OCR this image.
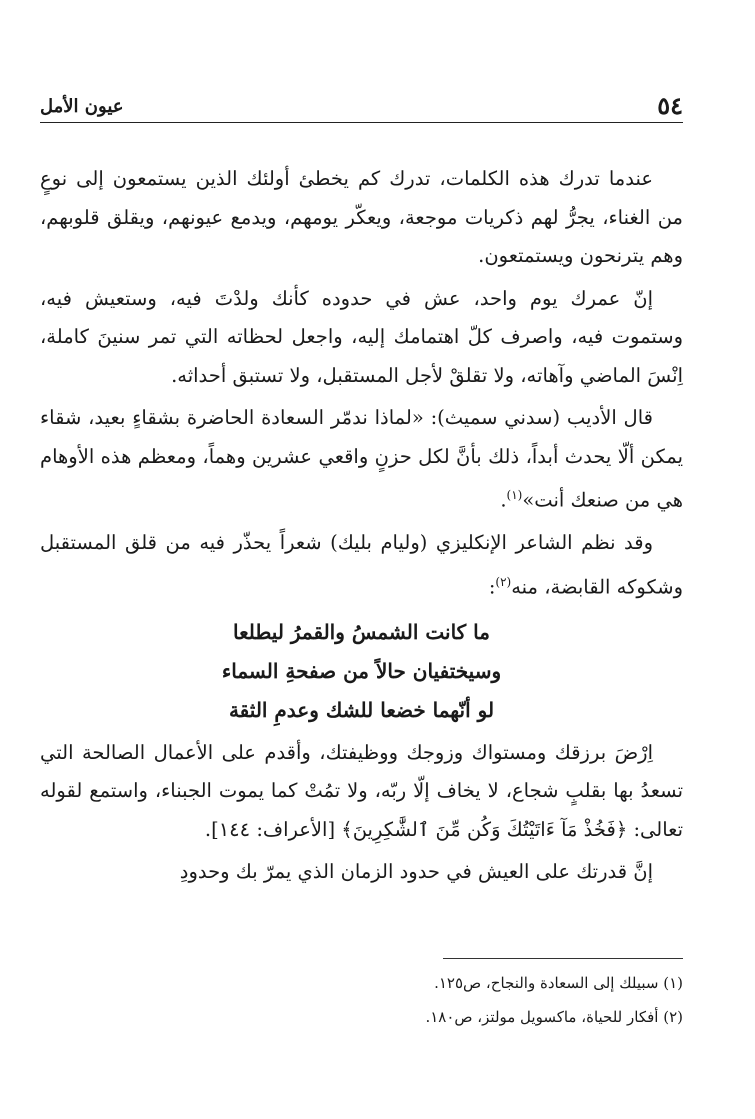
٥٤
عيون الأمل

عندما تدرك هذه الكلمات، تدرك كم يخطئ أولئك الذين يستمعون إلى نوعٍ من الغناء، يجرُّ لهم ذكريات موجعة، ويعكّر يومهم، ويدمع عيونهم، ويقلق قلوبهم، وهم يترنحون ويستمتعون.

إنّ عمرك يوم واحد، عش في حدوده كأنك ولدْتَ فيه، وستعيش فيه، وستموت فيه، واصرف كلّ اهتمامك إليه، واجعل لحظاته التي تمر سنينَ كاملة، اِنْسَ الماضي وآهاته، ولا تقلقْ لأجل المستقبل، ولا تستبق أحداثه.

قال الأديب (سدني سميث): «لماذا ندمّر السعادة الحاضرة بشقاءٍ بعيد، شقاء يمكن ألّا يحدث أبداً، ذلك بأنَّ لكل حزنٍ واقعي عشرين وهماً، ومعظم هذه الأوهام هي من صنعك أنت»$^{(١)}$.

وقد نظم الشاعر الإنكليزي (وليام بليك) شعراً يحذّر فيه من قلق المستقبل وشكوكه القابضة، منه$^{(٢)}$:

ما كانت الشمسُ والقمرُ ليطلعا
وسيختفيان حالاً من صفحةِ السماء
لو أنّهما خضعا للشك وعدمِ الثقة

اِرْضَ برزقك ومستواك وزوجك ووظيفتك، وأقدم على الأعمال الصالحة التي تسعدُ بها بقلبٍ شجاع، لا يخاف إلّا ربّه، ولا تمُتْ كما يموت الجبناء، واستمع لقوله تعالى: ﴿فَخُذْ مَآ ءَاتَيْتُكَ وَكُن مِّنَ ٱلشَّٰكِرِينَ﴾ [الأعراف: ١٤٤].

إنَّ قدرتك على العيش في حدود الزمان الذي يمرّ بك وحدودِ

(١) سبيلك إلى السعادة والنجاح، ص١٢٥.

(٢) أفكار للحياة، ماكسويل مولتز، ص١٨٠.
